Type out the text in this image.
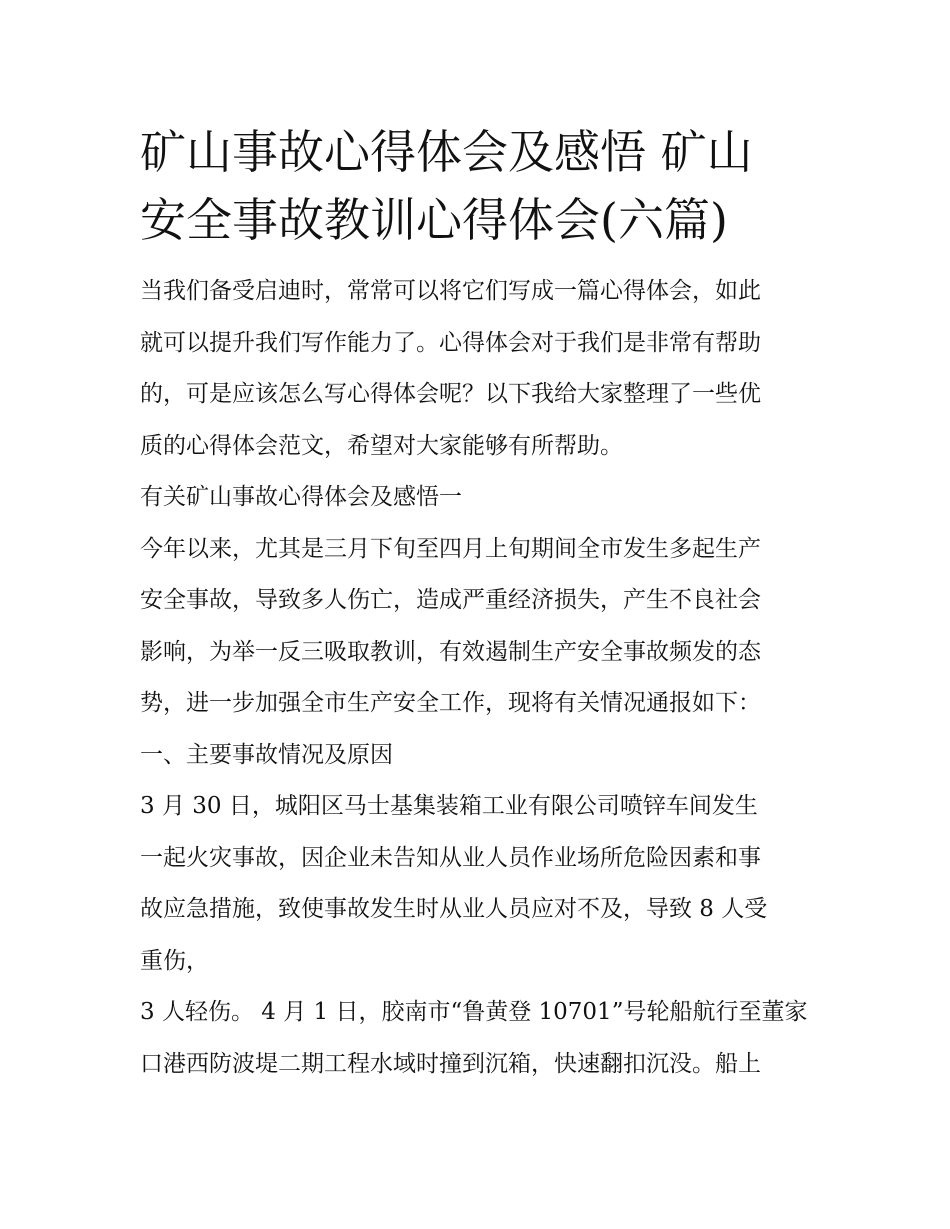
矿山事故心得体会及感悟 矿山
安全事故教训心得体会(六篇)

当我们备受启迪时，常常可以将它们写成一篇心得体会，如此

就可以提升我们写作能力了。心得体会对于我们是非常有帮助

的，可是应该怎么写心得体会呢？以下我给大家整理了一些优

质的心得体会范文，希望对大家能够有所帮助。

有关矿山事故心得体会及感悟一

今年以来，尤其是三月下旬至四月上旬期间全市发生多起生产

安全事故，导致多人伤亡，造成严重经济损失，产生不良社会

影响，为举一反三吸取教训，有效遏制生产安全事故频发的态

势，进一步加强全市生产安全工作，现将有关情况通报如下：

一、主要事故情况及原因

3 月 30 日，城阳区马士基集装箱工业有限公司喷锌车间发生

一起火灾事故，因企业未告知从业人员作业场所危险因素和事

故应急措施，致使事故发生时从业人员应对不及，导致 8 人受

重伤，

3 人轻伤。 4 月 1 日，胶南市“鲁黄登 10701”号轮船航行至董家

口港西防波堤二期工程水域时撞到沉箱，快速翻扣沉没。船上
